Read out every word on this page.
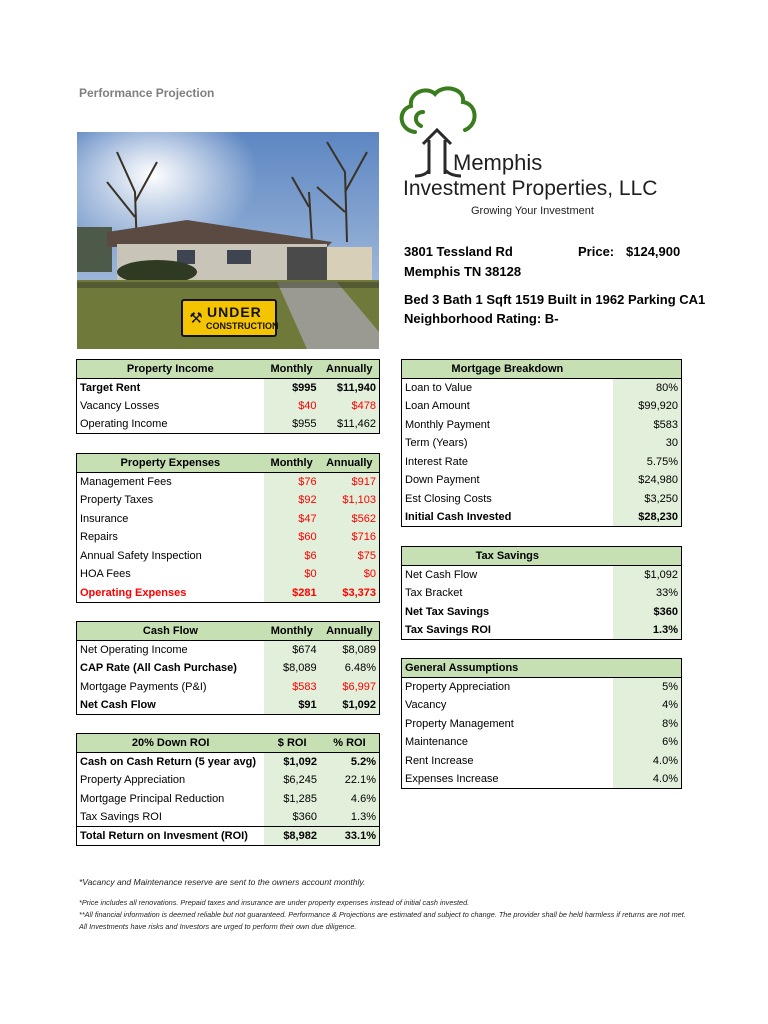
Performance Projection
⚒ UNDER
CONSTRUCTION
Memphis
Investment Properties, LLC
Growing Your Investment
3801 Tessland Rd	Price: $124,900
Memphis TN 38128
Bed 3 Bath 1 Sqft 1519 Built in 1962 Parking CA1
Neighborhood Rating: B-
Property Income	Monthly	Annually
Target Rent	$995	$11,940
Vacancy Losses	$40	$478
Operating Income	$955	$11,462
Property Expenses	Monthly	Annually
Management Fees	$76	$917
Property Taxes	$92	$1,103
Insurance	$47	$562
Repairs	$60	$716
Annual Safety Inspection	$6	$75
HOA Fees	$0	$0
Operating Expenses	$281	$3,373
Cash Flow	Monthly	Annually
Net Operating Income	$674	$8,089
CAP Rate (All Cash Purchase)	$8,089	6.48%
Mortgage Payments (P&I)	$583	$6,997
Net Cash Flow	$91	$1,092
20% Down ROI	$ ROI	% ROI
Cash on Cash Return (5 year avg)	$1,092	5.2%
Property Appreciation	$6,245	22.1%
Mortgage Principal Reduction	$1,285	4.6%
Tax Savings ROI	$360	1.3%
Total Return on Invesment (ROI)	$8,982	33.1%
Mortgage Breakdown	
Loan to Value	80%
Loan Amount	$99,920
Monthly Payment	$583
Term (Years)	30
Interest Rate	5.75%
Down Payment	$24,980
Est Closing Costs	$3,250
Initial Cash Invested	$28,230
Tax Savings	
Net Cash Flow	$1,092
Tax Bracket	33%
Net Tax Savings	$360
Tax Savings ROI	1.3%
General Assumptions	
Property Appreciation	5%
Vacancy	4%
Property Management	8%
Maintenance	6%
Rent Increase	4.0%
Expenses Increase	4.0%
*Vacancy and Maintenance reserve are sent to the owners account monthly.
*Price includes all renovations. Prepaid taxes and insurance are under property expenses instead of initial cash invested.
**All financial information is deemed reliable but not guaranteed. Performance & Projections are estimated and subject to change. The provider shall be held harmless if returns are not met. All Investments have risks and Investors are urged to perform their own due diligence.
